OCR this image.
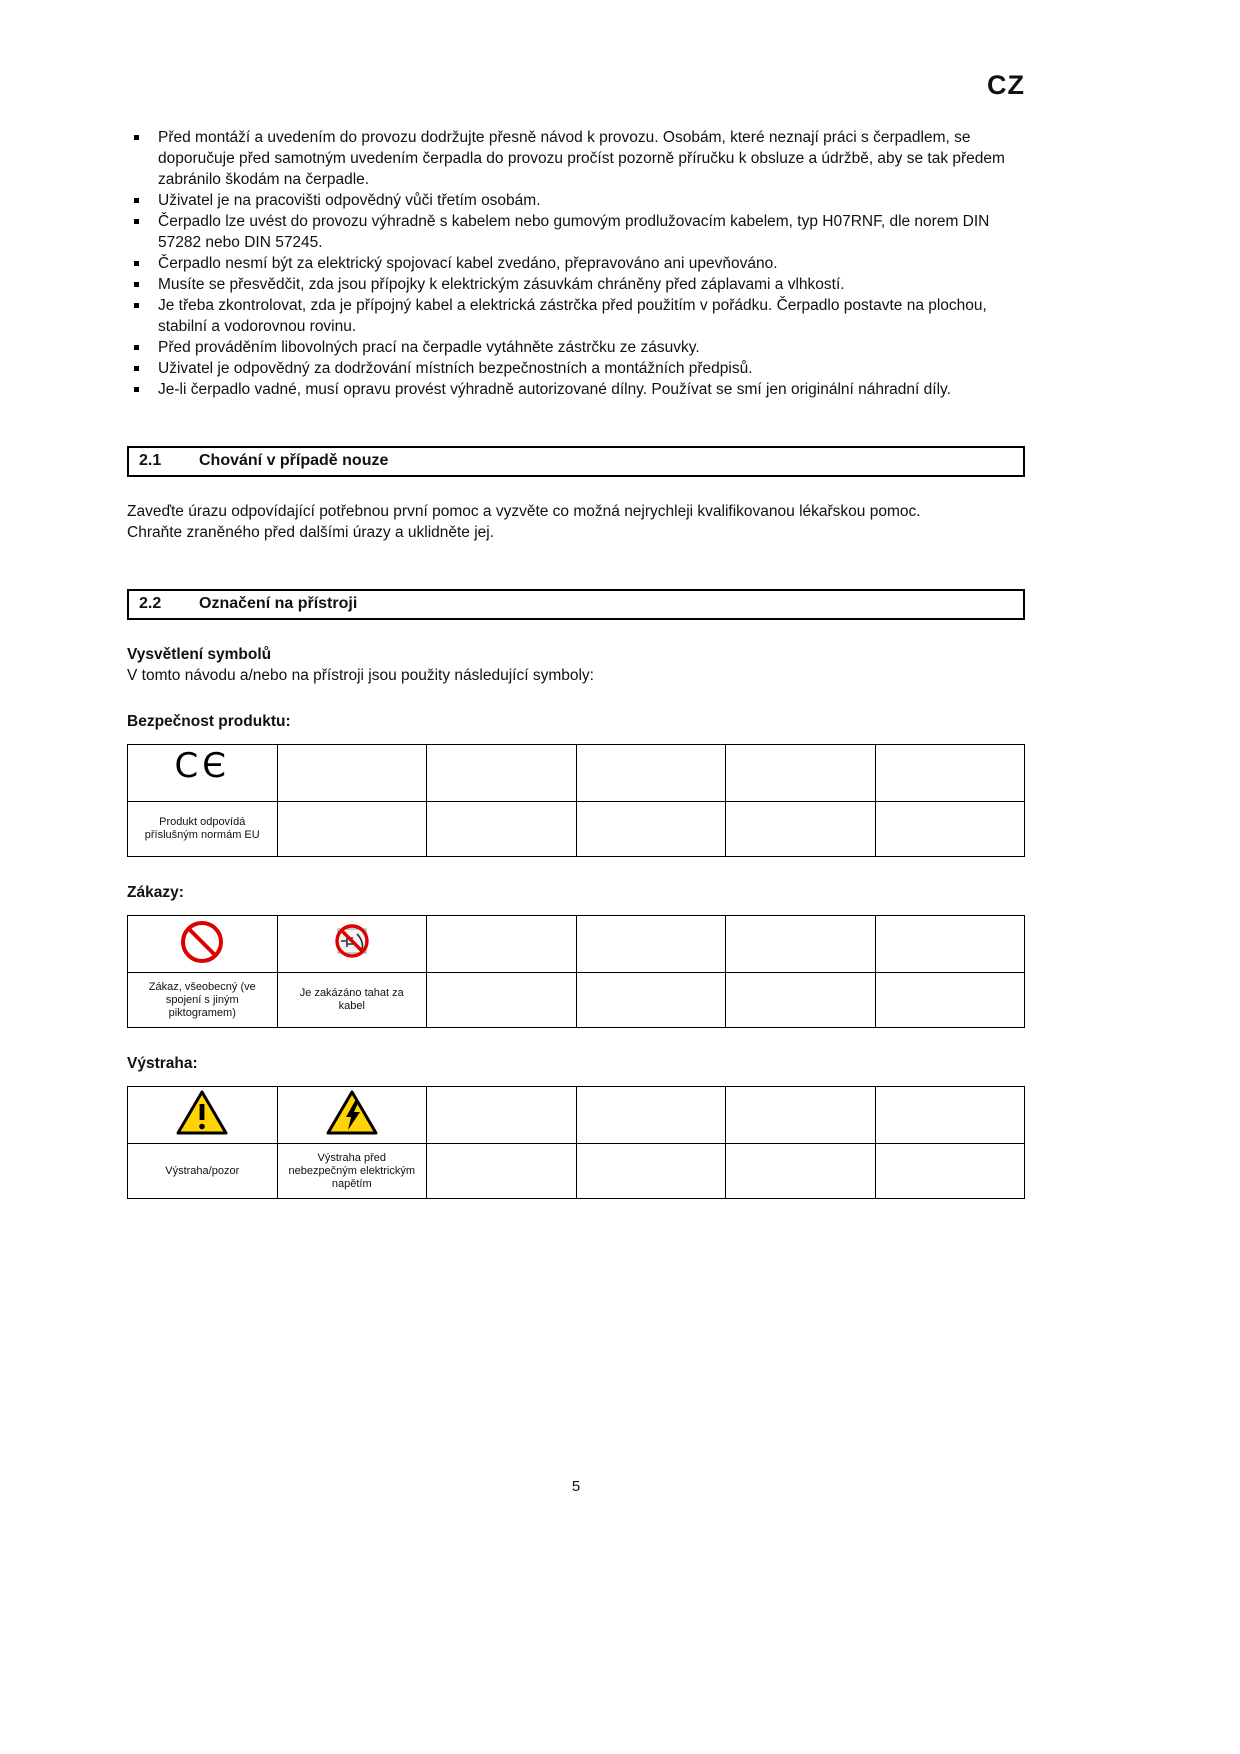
CZ
Před montáží a uvedením do provozu dodržujte přesně návod k provozu. Osobám, které neznají práci s čerpadlem, se doporučuje před samotným uvedením čerpadla do provozu pročíst pozorně příručku k obsluze a údržbě, aby se tak předem zabránilo škodám na čerpadle.
Uživatel je na pracovišti odpovědný vůči třetím osobám.
Čerpadlo lze uvést do provozu výhradně s kabelem nebo gumovým prodlužovacím kabelem, typ H07RNF, dle norem DIN 57282 nebo DIN 57245.
Čerpadlo nesmí být za elektrický spojovací kabel zvedáno, přepravováno ani upevňováno.
Musíte se přesvědčit, zda jsou přípojky k elektrickým zásuvkám chráněny před záplavami a vlhkostí.
Je třeba zkontrolovat, zda je přípojný kabel a elektrická zástrčka před použitím v pořádku. Čerpadlo postavte na plochou, stabilní a vodorovnou rovinu.
Před prováděním libovolných prací na čerpadle vytáhněte zástrčku ze zásuvky.
Uživatel je odpovědný za dodržování místních bezpečnostních a montážních předpisů.
Je-li čerpadlo vadné, musí opravu provést výhradně autorizované dílny. Používat se smí jen originální náhradní díly.
2.1	Chování v případě nouze

Zaveďte úrazu odpovídající potřebnou první pomoc a vyzvěte co možná nejrychleji kvalifikovanou lékařskou pomoc.

Chraňte zraněného před dalšími úrazy a uklidněte jej.

2.2	Označení na přístroji

Vysvětlení symbolů

V tomto návodu a/nebo na přístroji jsou použity následující symboly:

Bezpečnost produktu:

CЄ					
Produkt odpovídá příslušným normám EU					

Zákazy:

Zákaz, všeobecný (ve spojení s jiným piktogramem)	Je zakázáno tahat za kabel				

Výstraha:

Výstraha/pozor	Výstraha před nebezpečným elektrickým napětím				
5
